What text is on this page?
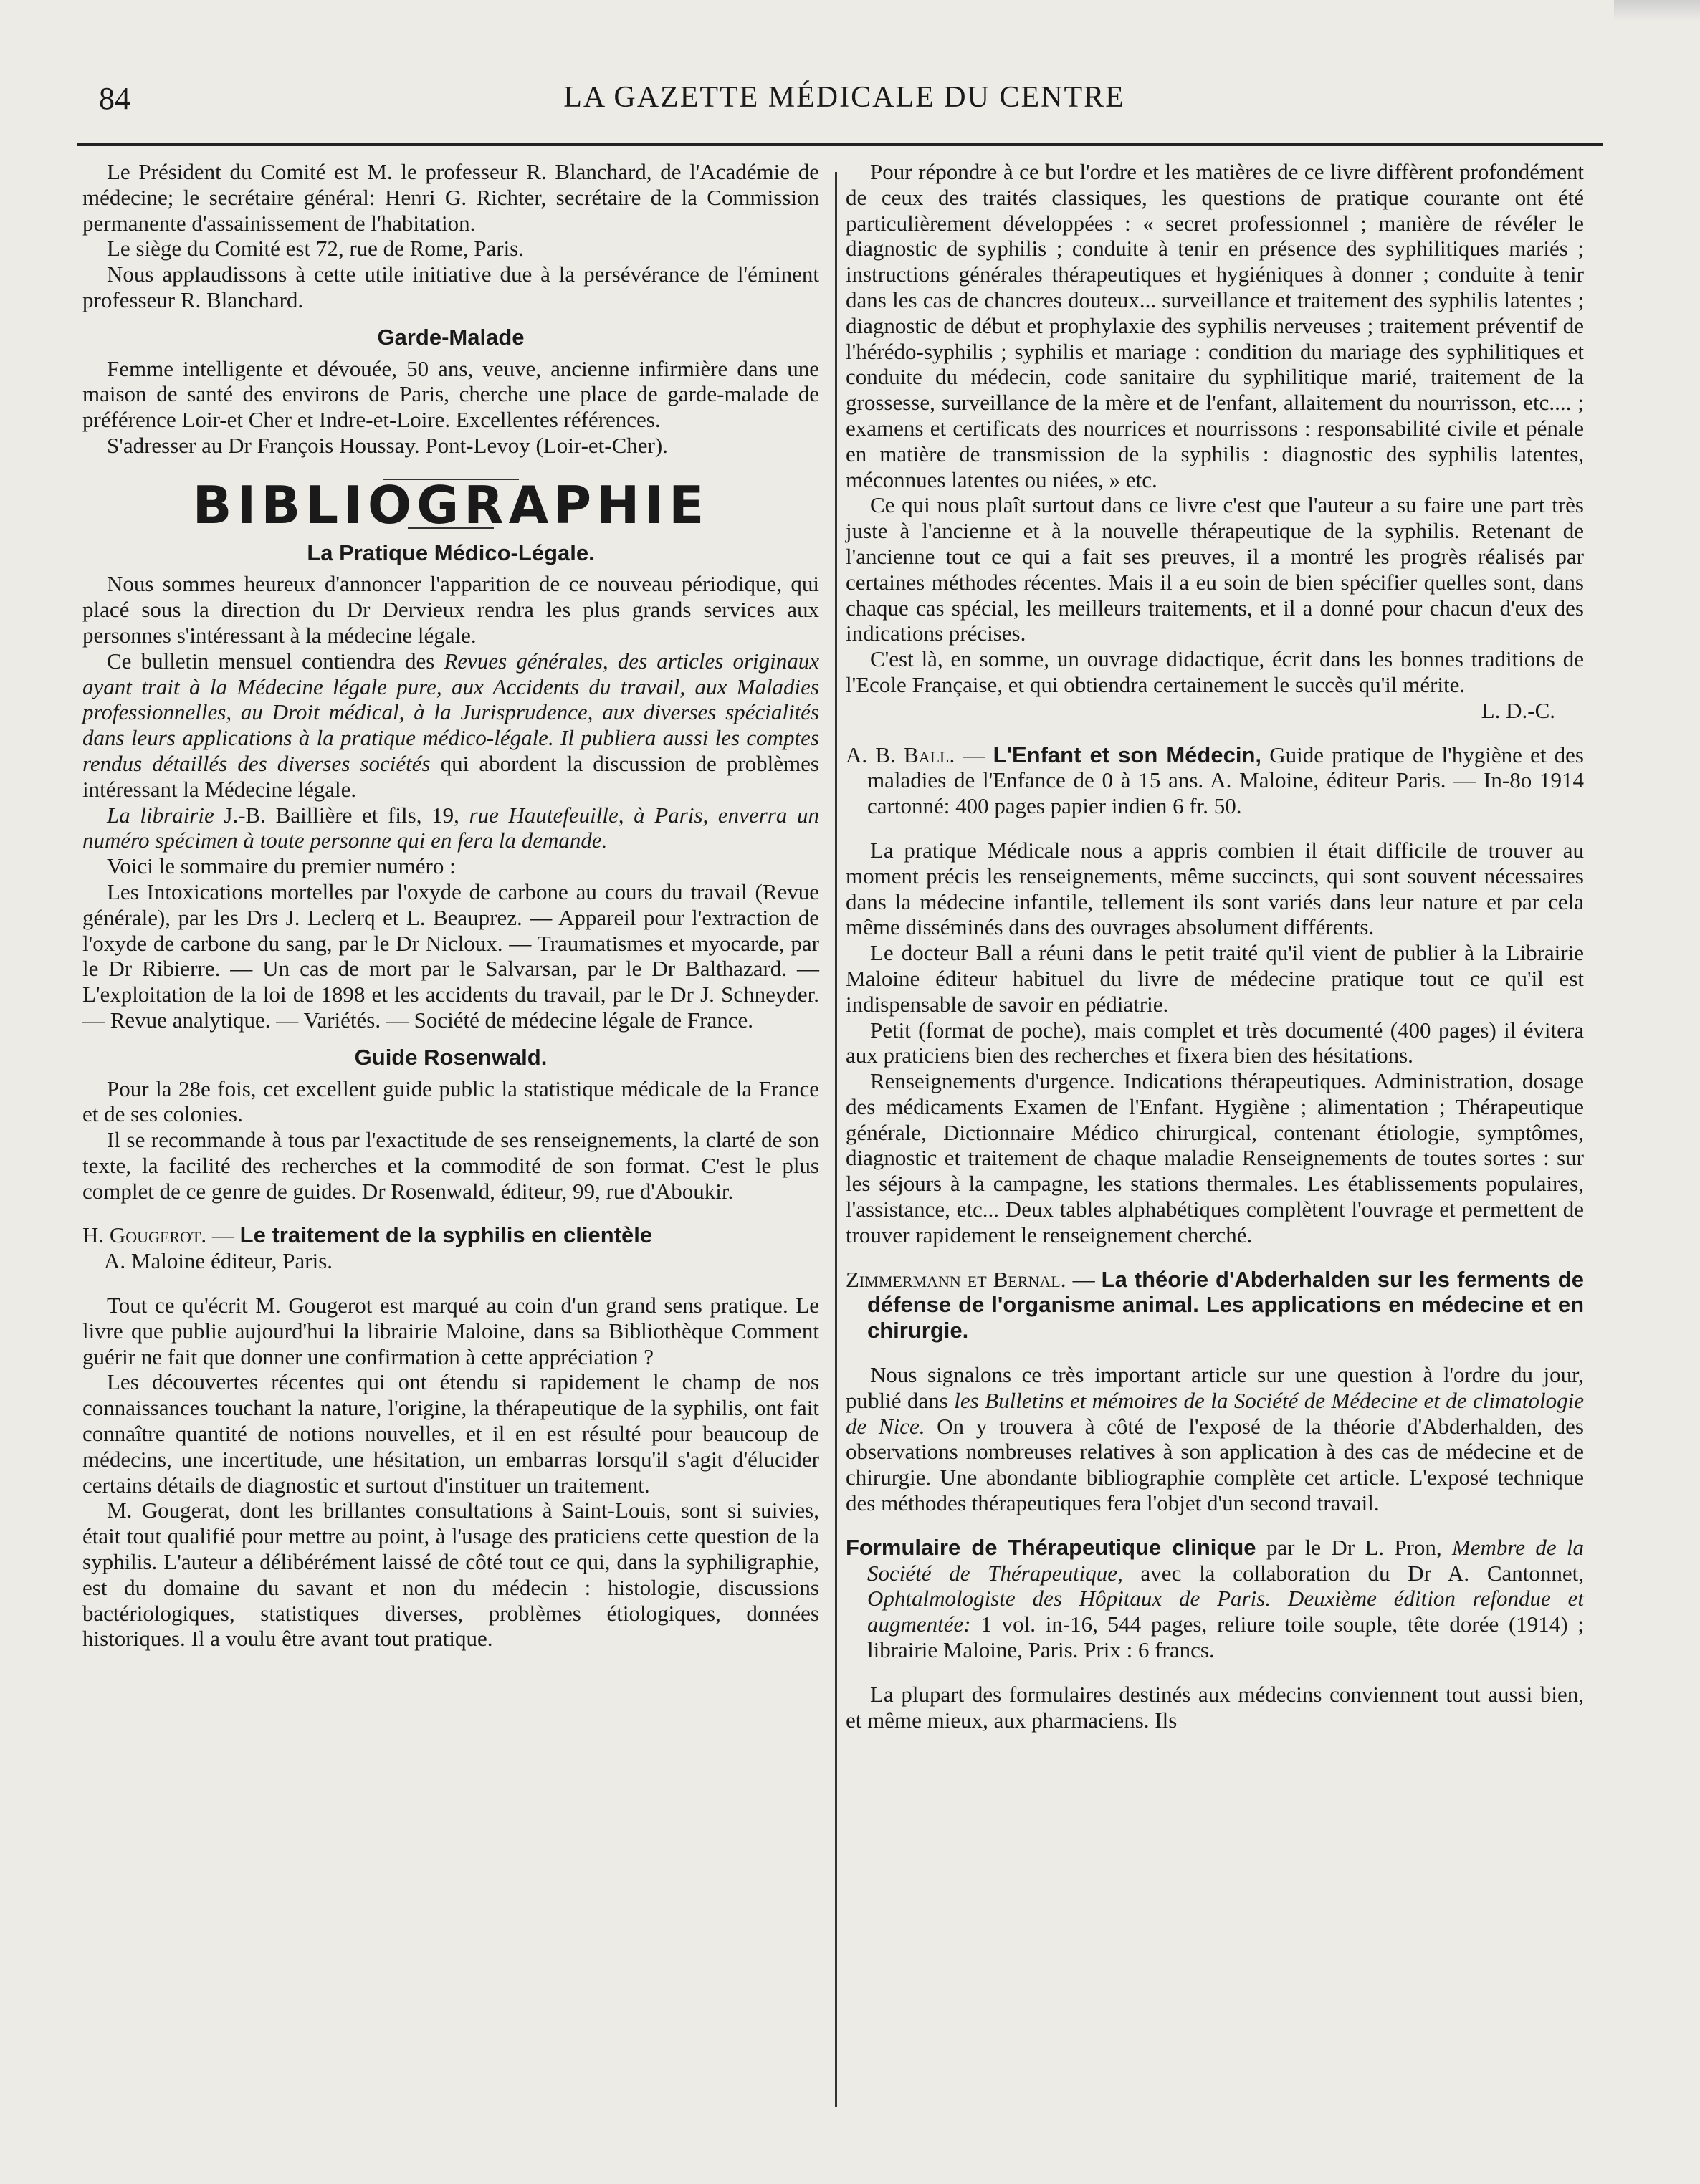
84	LA GAZETTE MÉDICALE DU CENTRE

Le Président du Comité est M. le professeur R. Blanchard, de l'Académie de médecine; le secrétaire général: Henri G. Richter, secrétaire de la Commission permanente d'assainissement de l'habitation.

Le siège du Comité est 72, rue de Rome, Paris.

Nous applaudissons à cette utile initiative due à la persévérance de l'éminent professeur R. Blanchard.

Garde-Malade

Femme intelligente et dévouée, 50 ans, veuve, ancienne infirmière dans une maison de santé des environs de Paris, cherche une place de garde-malade de préférence Loir-et Cher et Indre-et-Loire. Excellentes références.

S'adresser au Dr François Houssay. Pont-Levoy (Loir-et-Cher).

BIBLIOGRAPHIE
La Pratique Médico-Légale.

Nous sommes heureux d'annoncer l'apparition de ce nouveau périodique, qui placé sous la direction du Dr Dervieux rendra les plus grands services aux personnes s'intéressant à la médecine légale.

Ce bulletin mensuel contiendra des Revues générales, des articles originaux ayant trait à la Médecine légale pure, aux Accidents du travail, aux Maladies professionnelles, au Droit médical, à la Jurisprudence, aux diverses spécialités dans leurs applications à la pratique médico-légale. Il publiera aussi les comptes rendus détaillés des diverses sociétés qui abordent la discussion de problèmes intéressant la Médecine légale.

La librairie J.-B. Baillière et fils, 19, rue Hautefeuille, à Paris, enverra un numéro spécimen à toute personne qui en fera la demande.

Voici le sommaire du premier numéro :

Les Intoxications mortelles par l'oxyde de carbone au cours du travail (Revue générale), par les Drs J. Leclerq et L. Beauprez. — Appareil pour l'extraction de l'oxyde de carbone du sang, par le Dr Nicloux. — Traumatismes et myocarde, par le Dr Ribierre. — Un cas de mort par le Salvarsan, par le Dr Balthazard. — L'exploitation de la loi de 1898 et les accidents du travail, par le Dr J. Schneyder. — Revue analytique. — Variétés. — Société de médecine légale de France.

Guide Rosenwald.

Pour la 28e fois, cet excellent guide public la statistique médicale de la France et de ses colonies.

Il se recommande à tous par l'exactitude de ses renseignements, la clarté de son texte, la facilité des recherches et la commodité de son format. C'est le plus complet de ce genre de guides. Dr Rosenwald, éditeur, 99, rue d'Aboukir.

H. Gougerot. — Le traitement de la syphilis en clientèle
A. Maloine éditeur, Paris.

Tout ce qu'écrit M. Gougerot est marqué au coin d'un grand sens pratique. Le livre que publie aujourd'hui la librairie Maloine, dans sa Bibliothèque Comment guérir ne fait que donner une confirmation à cette appréciation ?

Les découvertes récentes qui ont étendu si rapidement le champ de nos connaissances touchant la nature, l'origine, la thérapeutique de la syphilis, ont fait connaître quantité de notions nouvelles, et il en est résulté pour beaucoup de médecins, une incertitude, une hésitation, un embarras lorsqu'il s'agit d'élucider certains détails de diagnostic et surtout d'instituer un traitement.

M. Gougerat, dont les brillantes consultations à Saint-Louis, sont si suivies, était tout qualifié pour mettre au point, à l'usage des praticiens cette question de la syphilis. L'auteur a délibérément laissé de côté tout ce qui, dans la syphiligraphie, est du domaine du savant et non du médecin : histologie, discussions bactériologiques, statistiques diverses, problèmes étiologiques, données historiques. Il a voulu être avant tout pratique.

Pour répondre à ce but l'ordre et les matières de ce livre diffèrent profondément de ceux des traités classiques, les questions de pratique courante ont été particulièrement développées : « secret professionnel ; manière de révéler le diagnostic de syphilis ; conduite à tenir en présence des syphilitiques mariés ; instructions générales thérapeutiques et hygiéniques à donner ; conduite à tenir dans les cas de chancres douteux... surveillance et traitement des syphilis latentes ; diagnostic de début et prophylaxie des syphilis nerveuses ; traitement préventif de l'hérédo-syphilis ; syphilis et mariage : condition du mariage des syphilitiques et conduite du médecin, code sanitaire du syphilitique marié, traitement de la grossesse, surveillance de la mère et de l'enfant, allaitement du nourrisson, etc.... ; examens et certificats des nourrices et nourrissons : responsabilité civile et pénale en matière de transmission de la syphilis : diagnostic des syphilis latentes, méconnues latentes ou niées, » etc.

Ce qui nous plaît surtout dans ce livre c'est que l'auteur a su faire une part très juste à l'ancienne et à la nouvelle thérapeutique de la syphilis. Retenant de l'ancienne tout ce qui a fait ses preuves, il a montré les progrès réalisés par certaines méthodes récentes. Mais il a eu soin de bien spécifier quelles sont, dans chaque cas spécial, les meilleurs traitements, et il a donné pour chacun d'eux des indications précises.

C'est là, en somme, un ouvrage didactique, écrit dans les bonnes traditions de l'Ecole Française, et qui obtiendra certainement le succès qu'il mérite.

L. D.-C.

A. B. Ball. — L'Enfant et son Médecin, Guide pratique de l'hygiène et des maladies de l'Enfance de 0 à 15 ans. A. Maloine, éditeur Paris. — In-8o 1914 cartonné: 400 pages papier indien 6 fr. 50.

La pratique Médicale nous a appris combien il était difficile de trouver au moment précis les renseignements, même succincts, qui sont souvent nécessaires dans la médecine infantile, tellement ils sont variés dans leur nature et par cela même disséminés dans des ouvrages absolument différents.

Le docteur Ball a réuni dans le petit traité qu'il vient de publier à la Librairie Maloine éditeur habituel du livre de médecine pratique tout ce qu'il est indispensable de savoir en pédiatrie.

Petit (format de poche), mais complet et très documenté (400 pages) il évitera aux praticiens bien des recherches et fixera bien des hésitations.

Renseignements d'urgence. Indications thérapeutiques. Administration, dosage des médicaments Examen de l'Enfant. Hygiène ; alimentation ; Thérapeutique générale, Dictionnaire Médico chirurgical, contenant étiologie, symptômes, diagnostic et traitement de chaque maladie Renseignements de toutes sortes : sur les séjours à la campagne, les stations thermales. Les établissements populaires, l'assistance, etc... Deux tables alphabétiques complètent l'ouvrage et permettent de trouver rapidement le renseignement cherché.

Zimmermann et Bernal. — La théorie d'Abderhalden sur les ferments de défense de l'organisme animal. Les applications en médecine et en chirurgie.

Nous signalons ce très important article sur une question à l'ordre du jour, publié dans les Bulletins et mémoires de la Société de Médecine et de climatologie de Nice. On y trouvera à côté de l'exposé de la théorie d'Abderhalden, des observations nombreuses relatives à son application à des cas de médecine et de chirurgie. Une abondante bibliographie complète cet article. L'exposé technique des méthodes thérapeutiques fera l'objet d'un second travail.

Formulaire de Thérapeutique clinique par le Dr L. Pron, Membre de la Société de Thérapeutique, avec la collaboration du Dr A. Cantonnet, Ophtalmologiste des Hôpitaux de Paris. Deuxième édition refondue et augmentée: 1 vol. in-16, 544 pages, reliure toile souple, tête dorée (1914) ; librairie Maloine, Paris. Prix : 6 francs.

La plupart des formulaires destinés aux médecins conviennent tout aussi bien, et même mieux, aux pharmaciens. Ils
